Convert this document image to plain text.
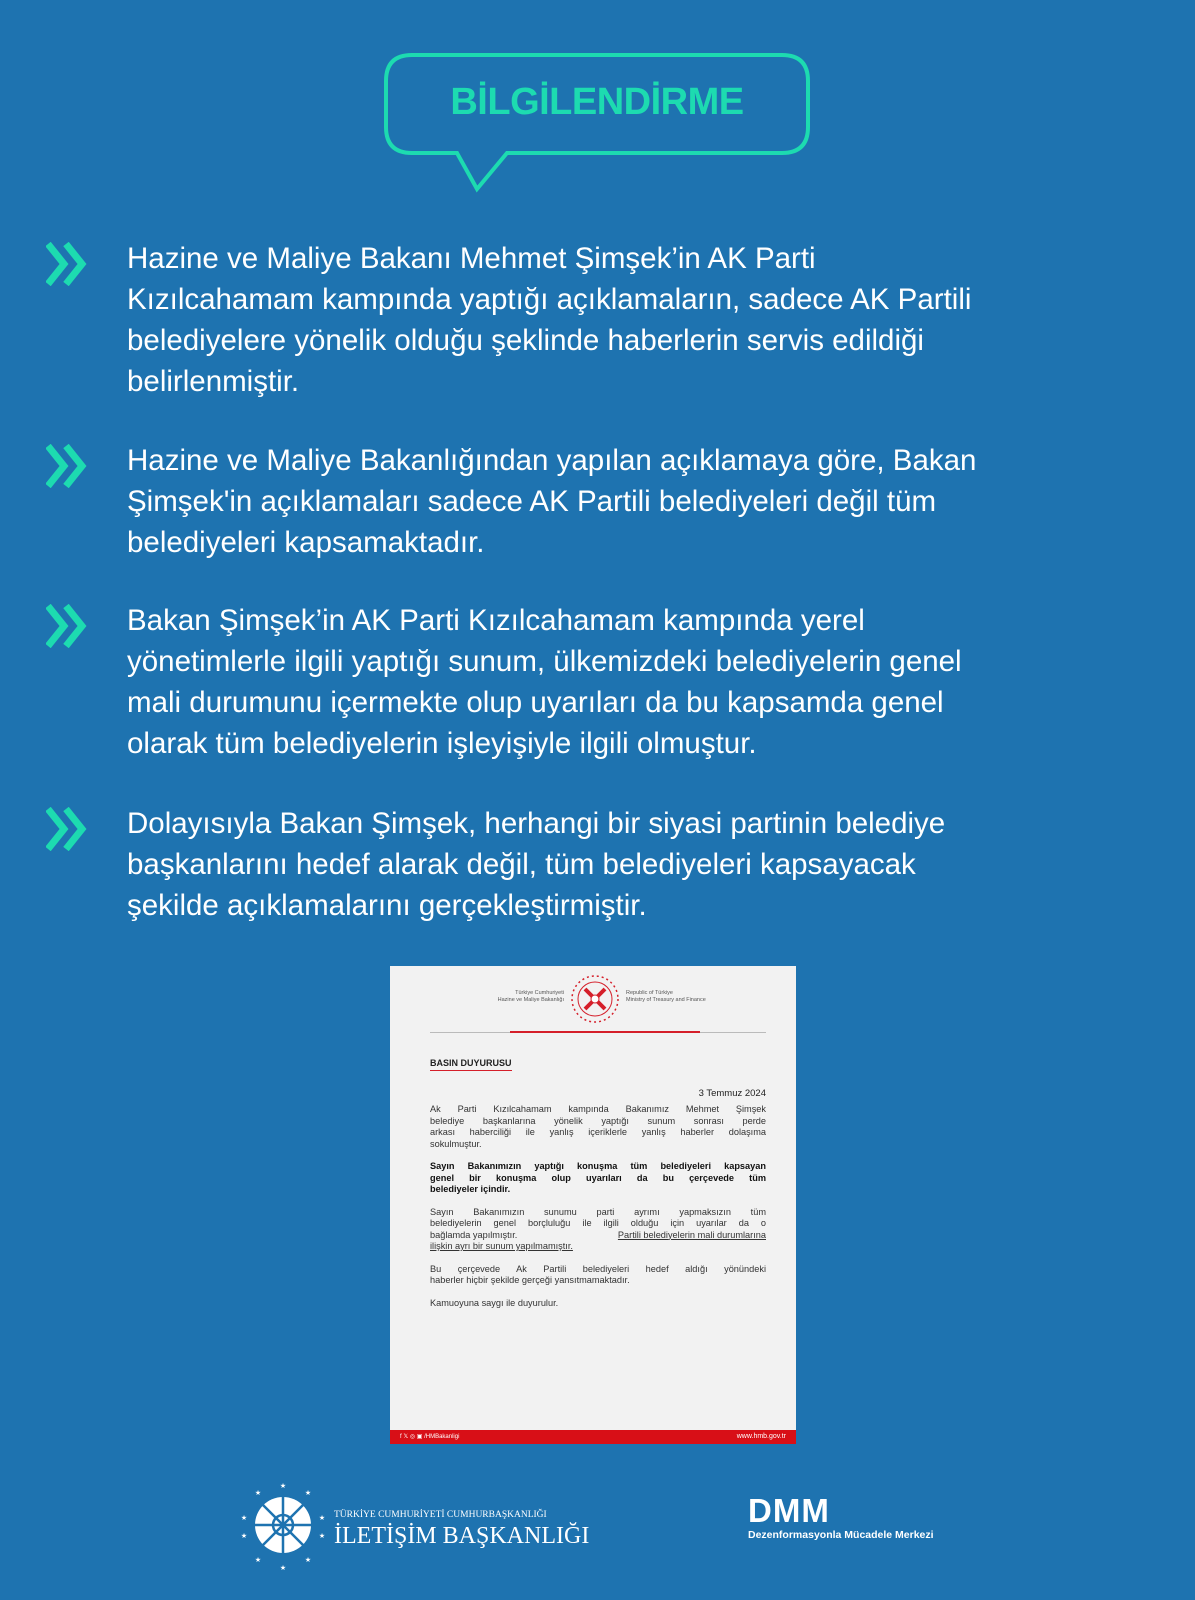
BİLGİLENDİRME
Hazine ve Maliye Bakanı Mehmet Şimşek’in AK Parti
Kızılcahamam kampında yaptığı açıklamaların, sadece AK Partili
belediyelere yönelik olduğu şeklinde haberlerin servis edildiği
belirlenmiştir.
Hazine ve Maliye Bakanlığından yapılan açıklamaya göre, Bakan
Şimşek'in açıklamaları sadece AK Partili belediyeleri değil tüm
belediyeleri kapsamaktadır.
Bakan Şimşek’in AK Parti Kızılcahamam kampında yerel
yönetimlerle ilgili yaptığı sunum, ülkemizdeki belediyelerin genel
mali durumunu içermekte olup uyarıları da bu kapsamda genel
olarak tüm belediyelerin işleyişiyle ilgili olmuştur.
Dolayısıyla Bakan Şimşek, herhangi bir siyasi partinin belediye
başkanlarını hedef alarak değil, tüm belediyeleri kapsayacak
şekilde açıklamalarını gerçekleştirmiştir.
Türkiye Cumhuriyeti
Hazine ve Maliye Bakanlığı
Republic of Türkiye
Ministry of Treasury and Finance
BASIN DUYURUSU
3 Temmuz 2024
Ak Parti Kızılcahamam kampında Bakanımız Mehmet Şimşek
belediye başkanlarına yönelik yaptığı sunum sonrası perde
arkası haberciliği ile yanlış içeriklerle yanlış haberler dolaşıma
sokulmuştur.
Sayın Bakanımızın yaptığı konuşma tüm belediyeleri kapsayan
genel bir konuşma olup uyarıları da bu çerçevede tüm
belediyeler içindir.
Sayın Bakanımızın sunumu parti ayrımı yapmaksızın tüm
belediyelerin genel borçluluğu ile ilgili olduğu için uyarılar da o
bağlamda yapılmıştır.	Partili belediyelerin mali durumlarına
ilişkin ayrı bir sunum yapılmamıştır.
Bu çerçevede Ak Partili belediyeleri hedef aldığı yönündeki
haberler hiçbir şekilde gerçeği yansıtmamaktadır.
Kamuoyuna saygı ile duyurulur.
f 𝕏 ◎ ▣ /HMBakanligi	www.hmb.gov.tr
★
★
★
★
★
★
★
★
★
★
TÜRKİYE CUMHURİYETİ CUMHURBAŞKANLIĞI
İLETİŞİM BAŞKANLIĞI
DMM
Dezenformasyonla Mücadele Merkezi
